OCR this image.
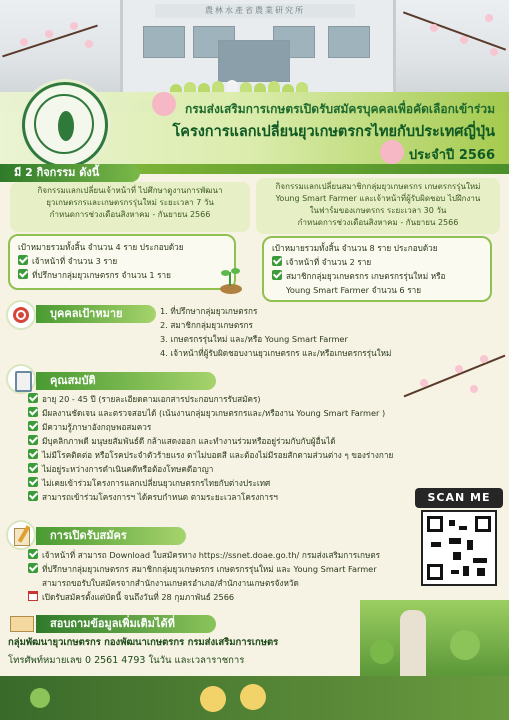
農林水產省農業研究所
กรมส่งเสริมการเกษตรเปิดรับสมัครบุคคลเพื่อคัดเลือกเข้าร่วม
โครงการแลกเปลี่ยนยุวเกษตรกรไทยกับประเทศญี่ปุ่น
ประจำปี 2566
มี 2 กิจกรรม ดังนี้
กิจกรรมแลกเปลี่ยนเจ้าหน้าที่ ไปศึกษาดูงานการพัฒนา
ยุวเกษตรกรและเกษตรกรรุ่นใหม่ ระยะเวลา 7 วัน
กำหนดการช่วงเดือนสิงหาคม - กันยายน 2566
เป้าหมายรวมทั้งสิ้น จำนวน 4 ราย ประกอบด้วย
เจ้าหน้าที่ จำนวน 3 ราย
ที่ปรึกษากลุ่มยุวเกษตรกร จำนวน 1 ราย
กิจกรรมแลกเปลี่ยนสมาชิกกลุ่มยุวเกษตรกร เกษตรกรรุ่นใหม่
Young Smart Farmer และเจ้าหน้าที่ผู้รับผิดชอบ ไปฝึกงาน
ในฟาร์มของเกษตรกร ระยะเวลา 30 วัน
กำหนดการช่วงเดือนสิงหาคม - กันยายน 2566
เป้าหมายรวมทั้งสิ้น จำนวน 8 ราย ประกอบด้วย
เจ้าหน้าที่ จำนวน 2 ราย
สมาชิกกลุ่มยุวเกษตรกร เกษตรกรรุ่นใหม่ หรือ
Young Smart Farmer จำนวน 6 ราย
บุคคลเป้าหมาย	1. ที่ปรึกษากลุ่มยุวเกษตรกร
2. สมาชิกกลุ่มยุวเกษตรกร
3. เกษตรกรรุ่นใหม่ และ/หรือ Young Smart Farmer
4. เจ้าหน้าที่ผู้รับผิดชอบงานยุวเกษตรกร และ/หรือเกษตรกรรุ่นใหม่
คุณสมบัติ
อายุ 20 - 45 ปี (รายละเอียดตามเอกสารประกอบการรับสมัคร)
มีผลงานชัดเจน และตรวจสอบได้ (เน้นงานกลุ่มยุวเกษตรกรและ/หรืองาน Young Smart Farmer )
มีความรู้ภาษาอังกฤษพอสมควร
มีบุคลิกภาพดี มนุษยสัมพันธ์ดี กล้าแสดงออก และทำงานร่วมหรืออยู่ร่วมกับกับผู้อื่นได้
ไม่มีโรคติดต่อ หรือโรคประจำตัวร้ายแรง ตาไม่บอดสี และต้องไม่มีรอยสักตามส่วนต่าง ๆ ของร่างกาย
ไม่อยู่ระหว่างการดำเนินคดีหรือต้องโทษคดีอาญา
ไม่เคยเข้าร่วมโครงการแลกเปลี่ยนยุวเกษตรกรไทยกับต่างประเทศ
สามารถเข้าร่วมโครงการฯ ได้ครบกำหนด ตามระยะเวลาโครงการฯ	SCAN ME
การเปิดรับสมัคร
เจ้าหน้าที่ สามารถ Download ใบสมัครทาง https://ssnet.doae.go.th/ กรมส่งเสริมการเกษตร
ที่ปรึกษากลุ่มยุวเกษตรกร สมาชิกกลุ่มยุวเกษตรกร เกษตรกรรุ่นใหม่ และ Young Smart Farmer
สามารถขอรับใบสมัครจากสำนักงานเกษตรอำเภอ/สำนักงานเกษตรจังหวัด
เปิดรับสมัครตั้งแต่บัดนี้ จนถึงวันที่ 28 กุมภาพันธ์ 2566
สอบถามข้อมูลเพิ่มเติมได้ที่
กลุ่มพัฒนายุวเกษตรกร กองพัฒนาเกษตรกร กรมส่งเสริมการเกษตร
โทรศัพท์หมายเลข 0 2561 4793 ในวัน และเวลาราชการ
